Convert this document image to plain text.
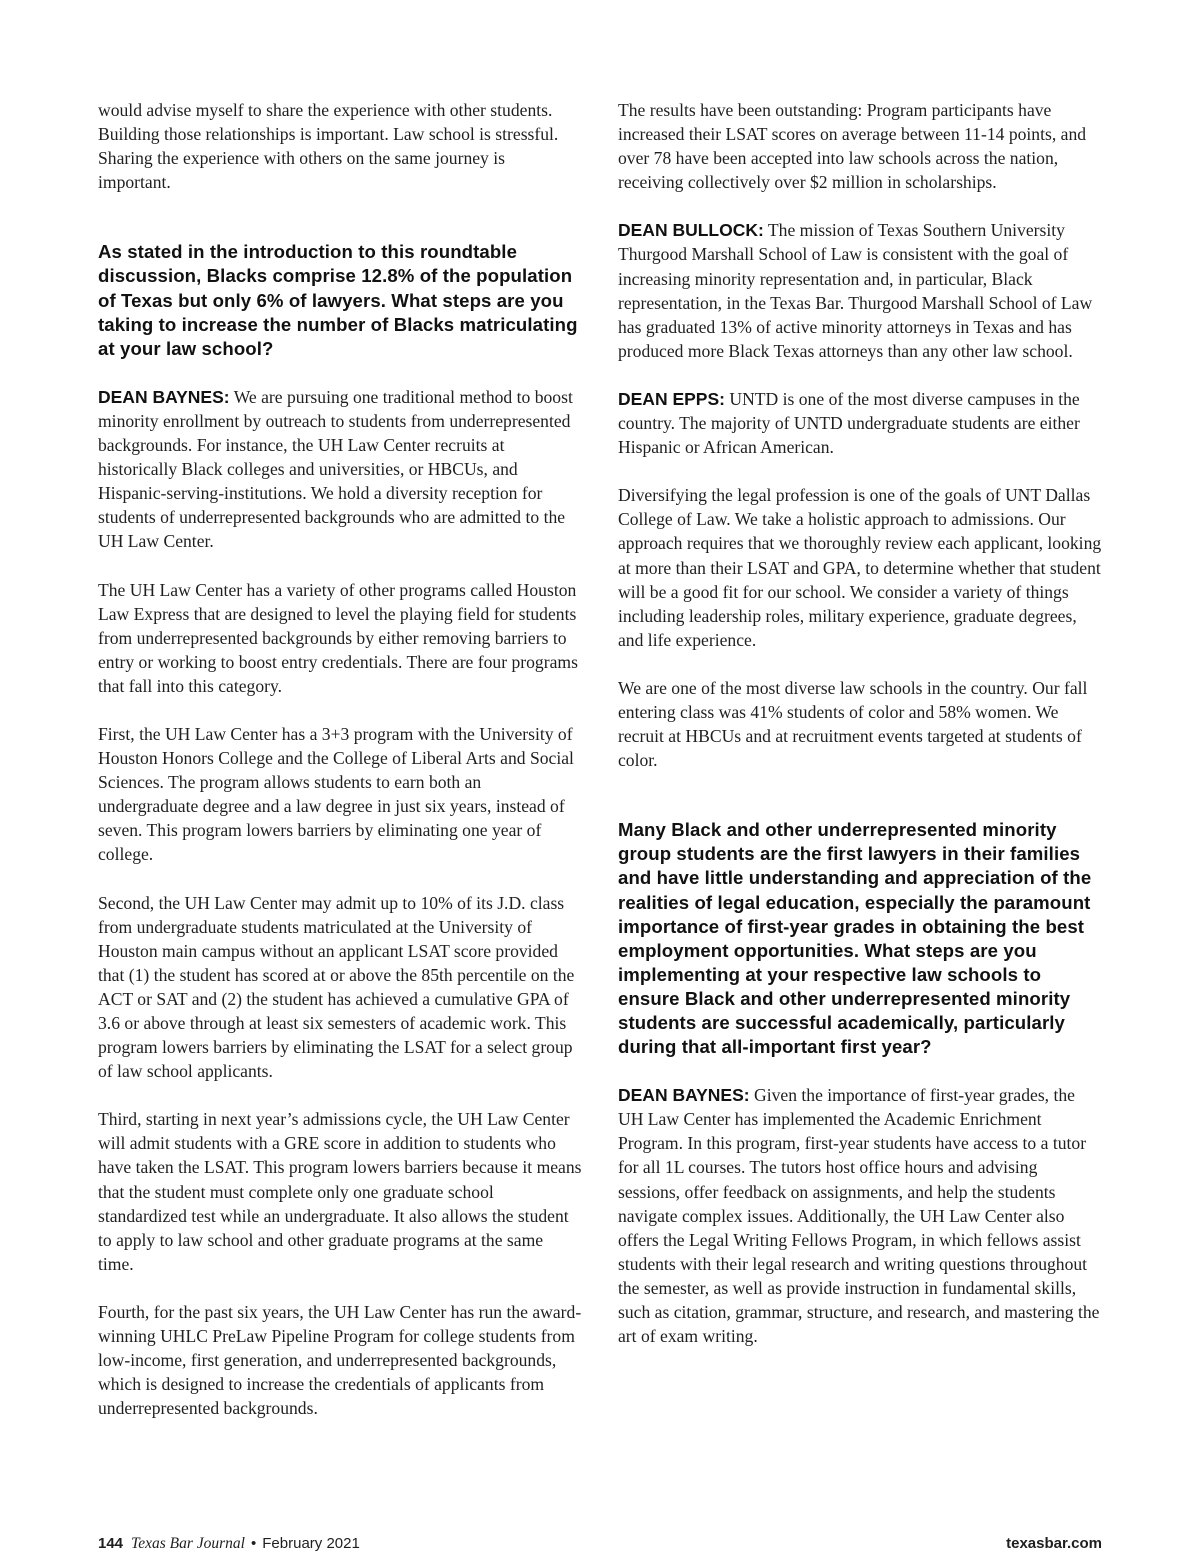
would advise myself to share the experience with other students. Building those relationships is important. Law school is stressful. Sharing the experience with others on the same journey is important.

As stated in the introduction to this roundtable discussion, Blacks comprise 12.8% of the population of Texas but only 6% of lawyers. What steps are you taking to increase the number of Blacks matriculating at your law school?

DEAN BAYNES: We are pursuing one traditional method to boost minority enrollment by outreach to students from underrepresented backgrounds. For instance, the UH Law Center recruits at historically Black colleges and universities, or HBCUs, and Hispanic-serving-institutions. We hold a diversity reception for students of underrepresented backgrounds who are admitted to the UH Law Center.

The UH Law Center has a variety of other programs called Houston Law Express that are designed to level the playing field for students from underrepresented backgrounds by either removing barriers to entry or working to boost entry credentials. There are four programs that fall into this category.

First, the UH Law Center has a 3+3 program with the University of Houston Honors College and the College of Liberal Arts and Social Sciences. The program allows students to earn both an undergraduate degree and a law degree in just six years, instead of seven. This program lowers barriers by eliminating one year of college.

Second, the UH Law Center may admit up to 10% of its J.D. class from undergraduate students matriculated at the University of Houston main campus without an applicant LSAT score provided that (1) the student has scored at or above the 85th percentile on the ACT or SAT and (2) the student has achieved a cumulative GPA of 3.6 or above through at least six semesters of academic work. This program lowers barriers by eliminating the LSAT for a select group of law school applicants.

Third, starting in next year’s admissions cycle, the UH Law Center will admit students with a GRE score in addition to students who have taken the LSAT. This program lowers barriers because it means that the student must complete only one graduate school standardized test while an undergraduate. It also allows the student to apply to law school and other graduate programs at the same time.

Fourth, for the past six years, the UH Law Center has run the award-winning UHLC PreLaw Pipeline Program for college students from low-income, first generation, and underrepresented backgrounds, which is designed to increase the credentials of applicants from underrepresented backgrounds.

The results have been outstanding: Program participants have increased their LSAT scores on average between 11-14 points, and over 78 have been accepted into law schools across the nation, receiving collectively over $2 million in scholarships.

DEAN BULLOCK: The mission of Texas Southern University Thurgood Marshall School of Law is consistent with the goal of increasing minority representation and, in particular, Black representation, in the Texas Bar. Thurgood Marshall School of Law has graduated 13% of active minority attorneys in Texas and has produced more Black Texas attorneys than any other law school.

DEAN EPPS: UNTD is one of the most diverse campuses in the country. The majority of UNTD undergraduate students are either Hispanic or African American.

Diversifying the legal profession is one of the goals of UNT Dallas College of Law. We take a holistic approach to admissions. Our approach requires that we thoroughly review each applicant, looking at more than their LSAT and GPA, to determine whether that student will be a good fit for our school. We consider a variety of things including leadership roles, military experience, graduate degrees, and life experience.

We are one of the most diverse law schools in the country. Our fall entering class was 41% students of color and 58% women. We recruit at HBCUs and at recruitment events targeted at students of color.

Many Black and other underrepresented minority group students are the first lawyers in their families and have little understanding and appreciation of the realities of legal education, especially the paramount importance of first-year grades in obtaining the best employment opportunities. What steps are you implementing at your respective law schools to ensure Black and other underrepresented minority students are successful academically, particularly during that all-important first year?

DEAN BAYNES: Given the importance of first-year grades, the UH Law Center has implemented the Academic Enrichment Program. In this program, first-year students have access to a tutor for all 1L courses. The tutors host office hours and advising sessions, offer feedback on assignments, and help the students navigate complex issues. Additionally, the UH Law Center also offers the Legal Writing Fellows Program, in which fellows assist students with their legal research and writing questions throughout the semester, as well as provide instruction in fundamental skills, such as citation, grammar, structure, and research, and mastering the art of exam writing.

144 Texas Bar Journal • February 2021	texasbar.com
